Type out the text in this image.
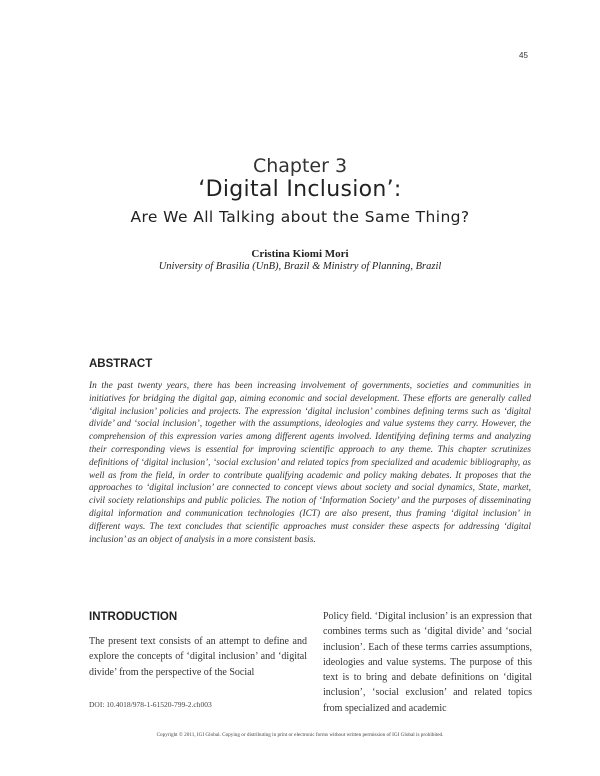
45
Chapter 3
‘Digital Inclusion’:
Are We All Talking about the Same Thing?
Cristina Kiomi Mori
University of Brasilia (UnB), Brazil & Ministry of Planning, Brazil
ABSTRACT

In the past twenty years, there has been increasing involvement of governments, societies and communities in initiatives for bridging the digital gap, aiming economic and social development. These efforts are generally called ‘digital inclusion’ policies and projects. The expression ‘digital inclusion’ combines defining terms such as ‘digital divide’ and ‘social inclusion’, together with the assumptions, ideologies and value systems they carry. However, the comprehension of this expression varies among different agents involved. Identifying defining terms and analyzing their corresponding views is essential for improving scientific approach to any theme. This chapter scrutinizes definitions of ‘digital inclusion’, ‘social exclusion’ and related topics from specialized and academic bibliography, as well as from the field, in order to contribute qualifying academic and policy making debates. It proposes that the approaches to ‘digital inclusion’ are connected to concept views about society and social dynamics, State, market, civil society relationships and public policies. The notion of ‘Information Society’ and the purposes of disseminating digital information and communication technologies (ICT) are also present, thus framing ‘digital inclusion’ in different ways. The text concludes that scientific approaches must consider these aspects for addressing ‘digital inclusion’ as an object of analysis in a more consistent basis.

INTRODUCTION

The present text consists of an attempt to define and explore the concepts of ‘digital inclusion’ and ‘digital divide’ from the perspective of the Social

Policy field. ‘Digital inclusion’ is an expression that combines terms such as ‘digital divide’ and ‘social inclusion’. Each of these terms carries assumptions, ideologies and value systems. The purpose of this text is to bring and debate definitions on ‘digital inclusion’, ‘social exclusion’ and related topics from specialized and academic

DOI: 10.4018/978-1-61520-799-2.ch003
Copyright © 2011, IGI Global. Copying or distributing in print or electronic forms without written permission of IGI Global is prohibited.
